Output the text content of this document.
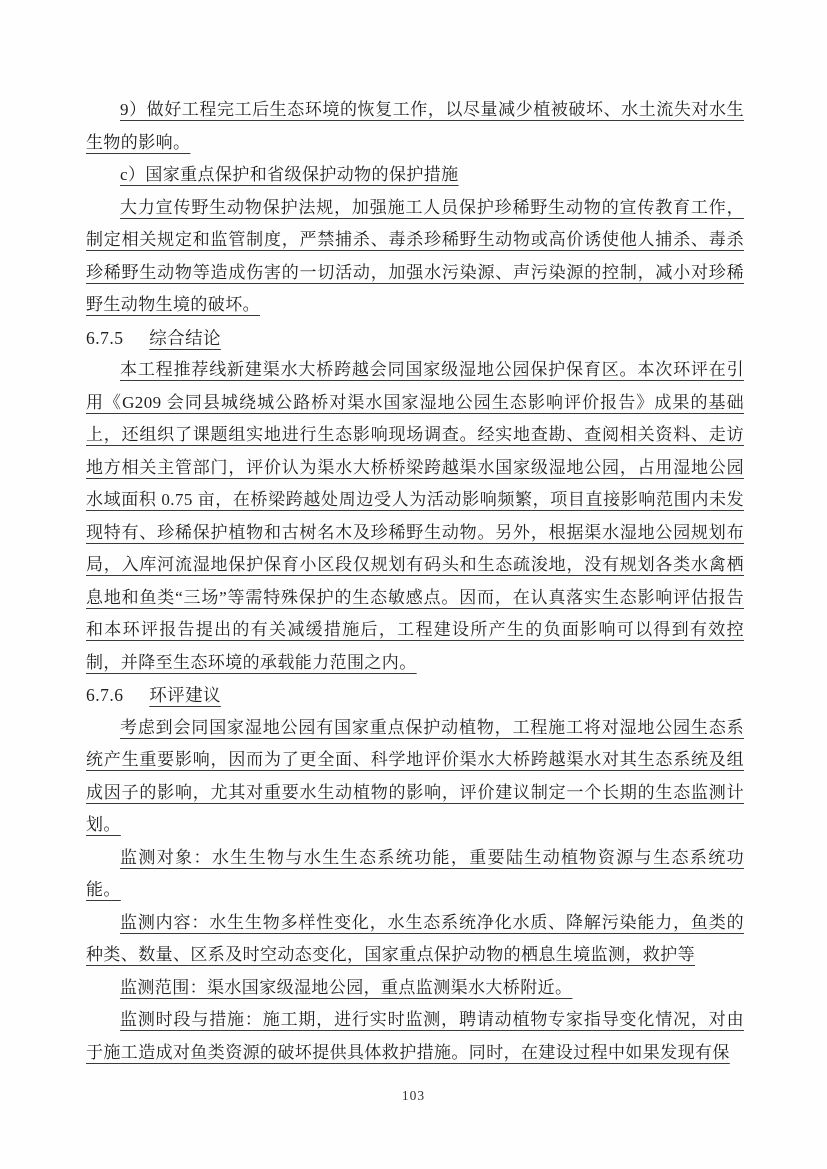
9）做好工程完工后生态环境的恢复工作，以尽量减少植被破坏、水土流失对水生生物的影响。

c）国家重点保护和省级保护动物的保护措施

大力宣传野生动物保护法规，加强施工人员保护珍稀野生动物的宣传教育工作，制定相关规定和监管制度，严禁捕杀、毒杀珍稀野生动物或高价诱使他人捕杀、毒杀珍稀野生动物等造成伤害的一切活动，加强水污染源、声污染源的控制，减小对珍稀野生动物生境的破坏。

6.7.5 综合结论

本工程推荐线新建渠水大桥跨越会同国家级湿地公园保护保育区。本次环评在引用《G209 会同县城绕城公路桥对渠水国家湿地公园生态影响评价报告》成果的基础上，还组织了课题组实地进行生态影响现场调查。经实地查勘、查阅相关资料、走访地方相关主管部门，评价认为渠水大桥桥梁跨越渠水国家级湿地公园，占用湿地公园水域面积 0.75 亩，在桥梁跨越处周边受人为活动影响频繁，项目直接影响范围内未发现特有、珍稀保护植物和古树名木及珍稀野生动物。另外，根据渠水湿地公园规划布局，入库河流湿地保护保育小区段仅规划有码头和生态疏浚地，没有规划各类水禽栖息地和鱼类“三场”等需特殊保护的生态敏感点。因而，在认真落实生态影响评估报告和本环评报告提出的有关减缓措施后，工程建设所产生的负面影响可以得到有效控制，并降至生态环境的承载能力范围之内。

6.7.6 环评建议

考虑到会同国家湿地公园有国家重点保护动植物，工程施工将对湿地公园生态系统产生重要影响，因而为了更全面、科学地评价渠水大桥跨越渠水对其生态系统及组成因子的影响，尤其对重要水生动植物的影响，评价建议制定一个长期的生态监测计划。

监测对象：水生生物与水生生态系统功能，重要陆生动植物资源与生态系统功能。

监测内容：水生生物多样性变化，水生态系统净化水质、降解污染能力，鱼类的种类、数量、区系及时空动态变化，国家重点保护动物的栖息生境监测，救护等

监测范围：渠水国家级湿地公园，重点监测渠水大桥附近。

监测时段与措施：施工期，进行实时监测，聘请动植物专家指导变化情况，对由于施工造成对鱼类资源的破坏提供具体救护措施。同时，在建设过程中如果发现有保

103
